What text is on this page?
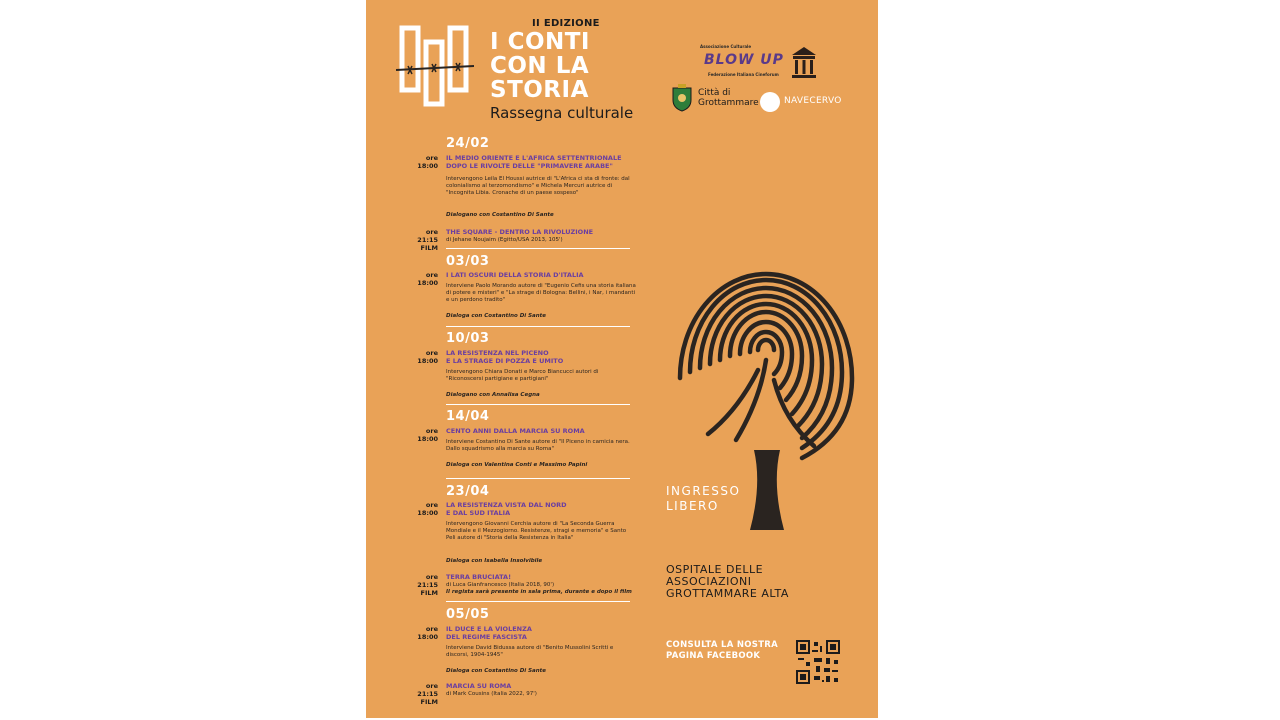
II EDIZIONE
I CONTI
CON LA
STORIA
Rassegna culturale
Associazione Culturale
BLOW UP
Federazione Italiana Cineforum
Città di
Grottammare	NAVECERVO
24/02
ore 18:00
IL MEDIO ORIENTE E L'AFRICA SETTENTRIONALE
DOPO LE RIVOLTE DELLE "PRIMAVERE ARABE"
Intervengono Leila El Houssi autrice di "L'Africa ci sta di fronte: dal colonialismo al terzomondismo" e Michela Mercuri autrice di "Incognita Libia. Cronache di un paese sospeso"
Dialogano con Costantino Di Sante
ore 21:15
FILM
THE SQUARE - DENTRO LA RIVOLUZIONE
di Jehane Noujaim (Egitto/USA 2013, 105')
03/03
ore 18:00
I LATI OSCURI DELLA STORIA D'ITALIA
Interviene Paolo Morando autore di "Eugenio Cefis una storia italiana di potere e misteri" e "La strage di Bologna: Bellini, i Nar, i mandanti e un perdono tradito"
Dialoga con Costantino Di Sante
10/03
ore 18:00
LA RESISTENZA NEL PICENO
E LA STRAGE DI POZZA E UMITO
Intervengono Chiara Donati e Marco Biancucci autori di "Riconoscersi partigiane e partigiani"
Dialogano con Annalisa Cegna
14/04
ore 18:00
CENTO ANNI DALLA MARCIA SU ROMA
Interviene Costantino Di Sante autore di "Il Piceno in camicia nera. Dallo squadrismo alla marcia su Roma"
Dialoga con Valentina Conti e Massimo Papini
23/04
ore 18:00
LA RESISTENZA VISTA DAL NORD
E DAL SUD ITALIA
Intervengono Giovanni Cerchia autore di "La Seconda Guerra Mondiale e il Mezzogiorno. Resistenze, stragi e memoria" e Santo Peli autore di "Storia della Resistenza in Italia"
Dialoga con Isabella Insolvibile
ore 21:15
FILM
TERRA BRUCIATA!
di Luca Gianfrancesco (Italia 2018, 90')
Il regista sarà presente in sala prima, durante e dopo il film
05/05
ore 18:00
IL DUCE E LA VIOLENZA
DEL REGIME FASCISTA
Interviene David Bidussa autore di "Benito Mussolini Scritti e discorsi, 1904-1945"
Dialoga con Costantino Di Sante
ore 21:15
FILM
MARCIA SU ROMA
di Mark Cousins (Italia 2022, 97')
INGRESSO
LIBERO
OSPITALE DELLE
ASSOCIAZIONI
GROTTAMMARE ALTA
CONSULTA LA NOSTRA
PAGINA FACEBOOK
